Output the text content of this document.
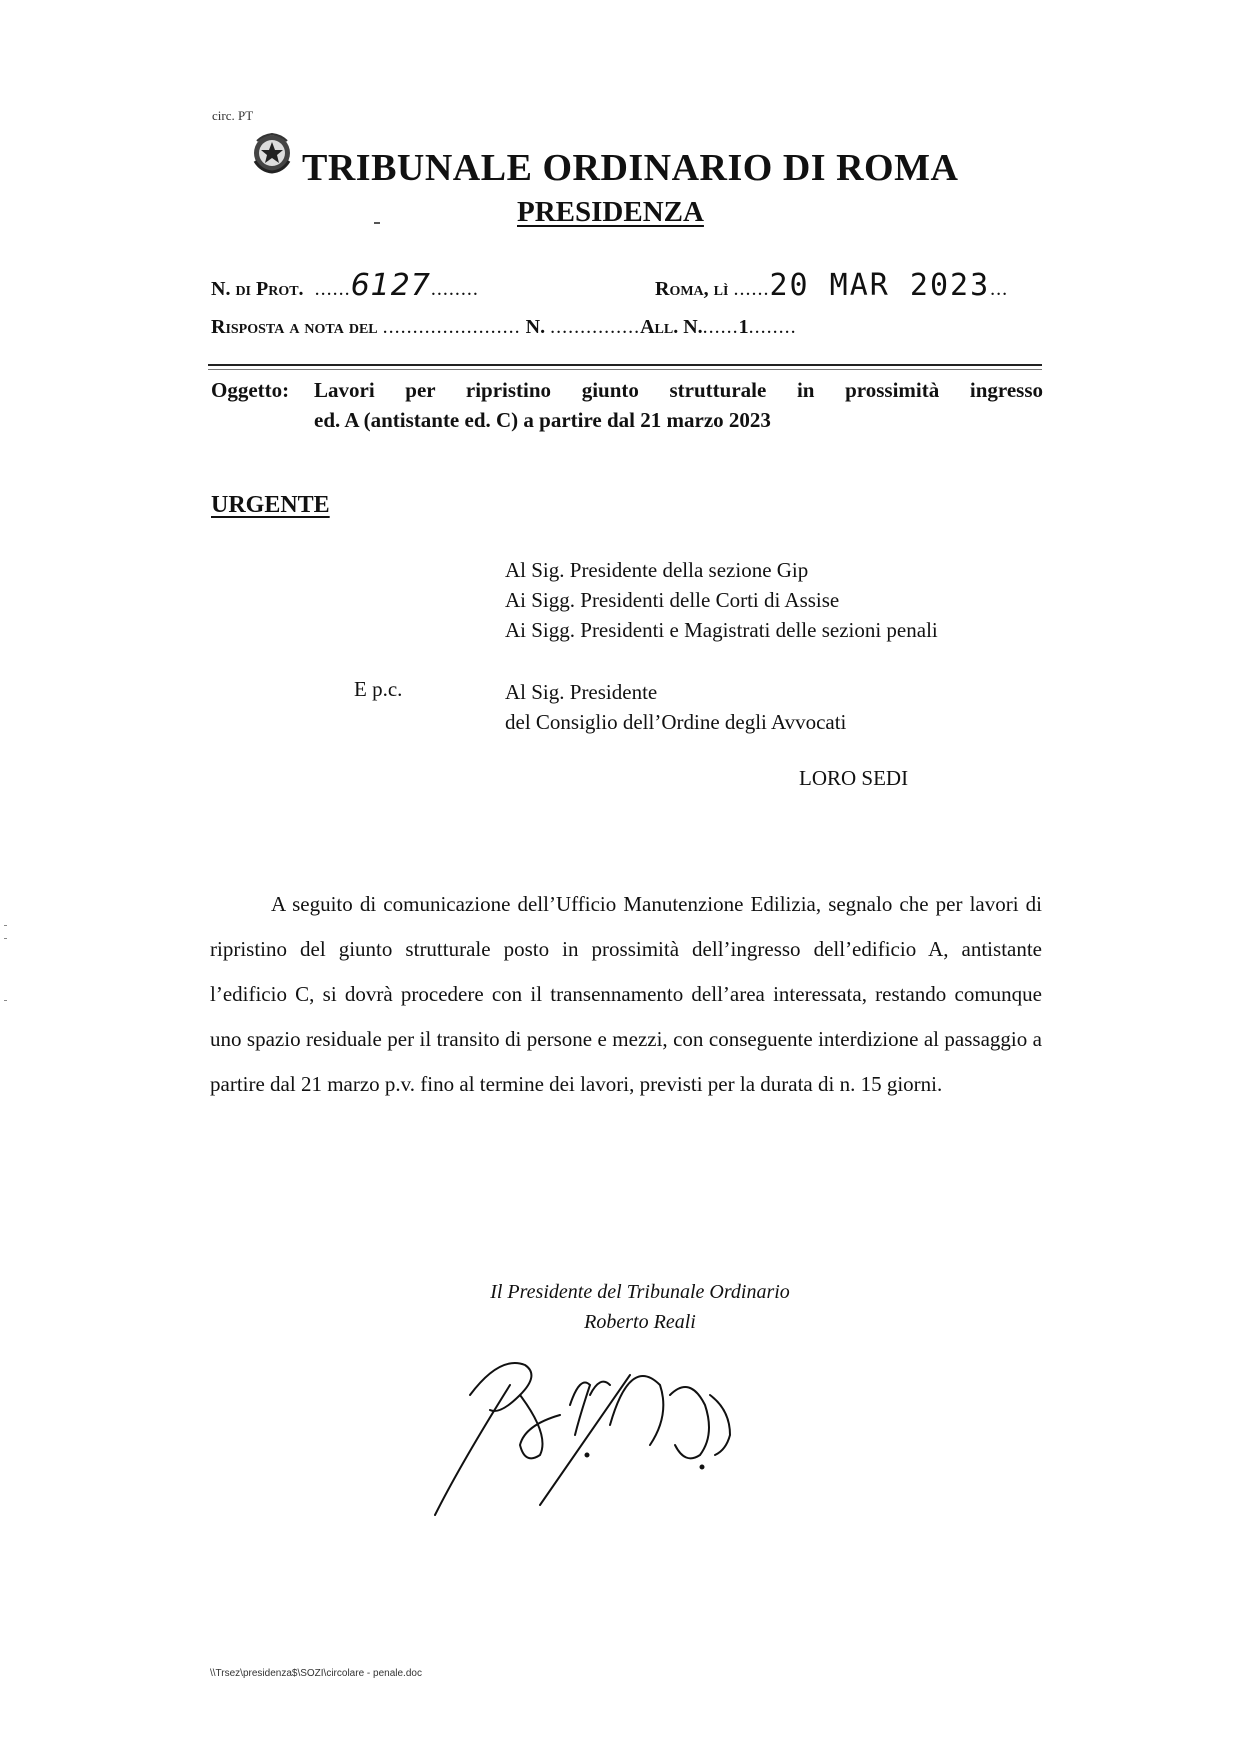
circ. PT
TRIBUNALE ORDINARIO DI ROMA
PRESIDENZA
N. di Prot.  ......6127........	Roma, lì ......20 MAR 2023...
Risposta a nota del ....................... N. ...............All. N.......1........
Oggetto: Lavori per ripristino giunto strutturale in prossimità ingresso
ed. A (antistante ed. C) a partire dal 21 marzo 2023
URGENTE
Al Sig. Presidente della sezione Gip
Ai Sigg. Presidenti delle Corti di Assise
Ai Sigg. Presidenti e Magistrati delle sezioni penali
E p.c.	Al Sig. Presidente
del Consiglio dell’Ordine degli Avvocati
LORO SEDI
A seguito di comunicazione dell’Ufficio Manutenzione Edilizia, segnalo che per lavori di ripristino del giunto strutturale posto in prossimità dell’ingresso dell’edificio A, antistante l’edificio C, si dovrà procedere con il transennamento dell’area interessata, restando comunque uno spazio residuale per il transito di persone e mezzi, con conseguente interdizione al passaggio a partire dal 21 marzo p.v. fino al termine dei lavori, previsti per la durata di n. 15 giorni.
Il Presidente del Tribunale Ordinario
Roberto Reali
\\Trsez\presidenza$\SOZI\circolare - penale.doc
